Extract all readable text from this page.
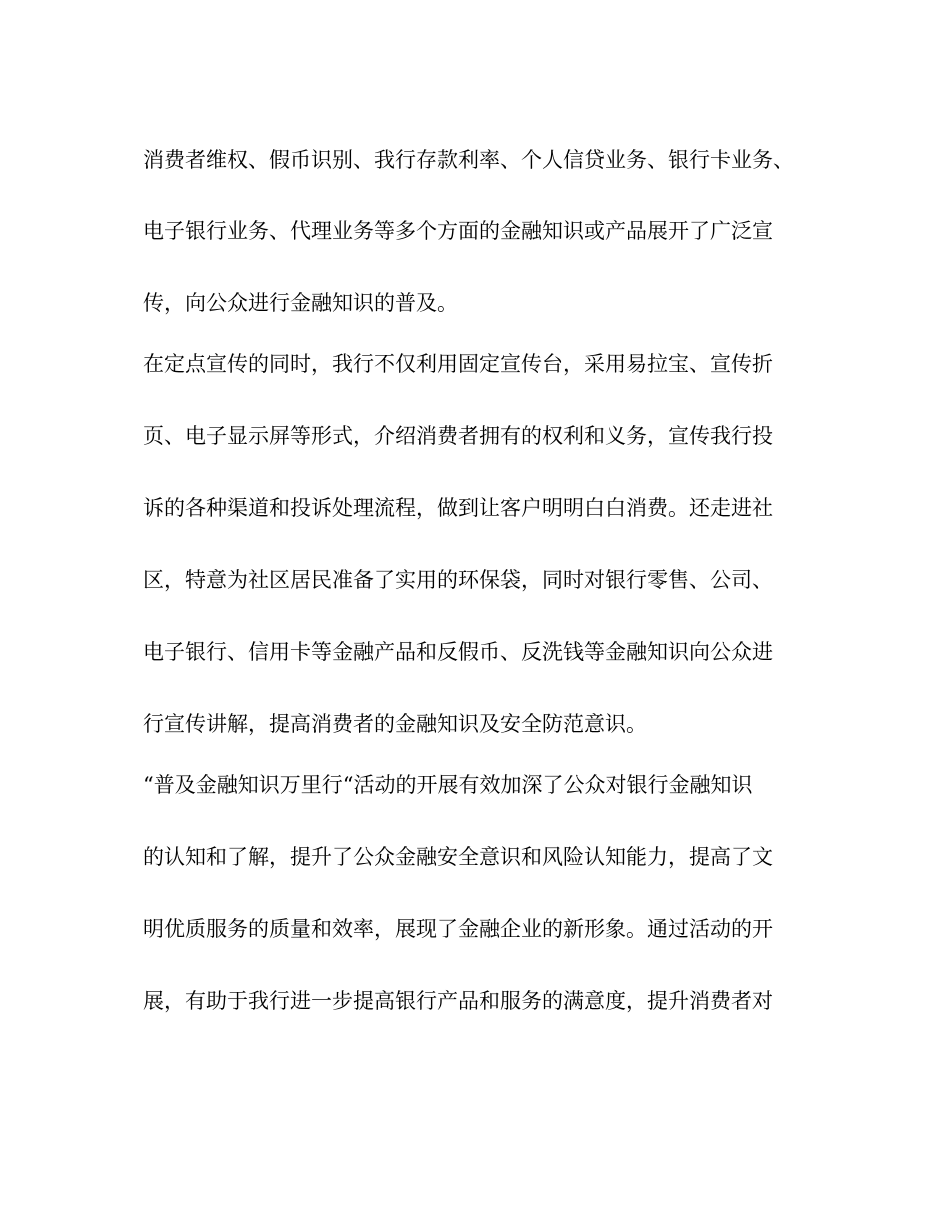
消费者维权、假币识别、我行存款利率、个人信贷业务、银行卡业务、
电子银行业务、代理业务等多个方面的金融知识或产品展开了广泛宣
传，向公众进行金融知识的普及。
在定点宣传的同时，我行不仅利用固定宣传台，采用易拉宝、宣传折
页、电子显示屏等形式，介绍消费者拥有的权利和义务，宣传我行投
诉的各种渠道和投诉处理流程，做到让客户明明白白消费。还走进社
区，特意为社区居民准备了实用的环保袋，同时对银行零售、公司、
电子银行、信用卡等金融产品和反假币、反洗钱等金融知识向公众进
行宣传讲解，提高消费者的金融知识及安全防范意识。
“普及金融知识万里行“活动的开展有效加深了公众对银行金融知识
的认知和了解，提升了公众金融安全意识和风险认知能力，提高了文
明优质服务的质量和效率，展现了金融企业的新形象。通过活动的开
展，有助于我行进一步提高银行产品和服务的满意度，提升消费者对
